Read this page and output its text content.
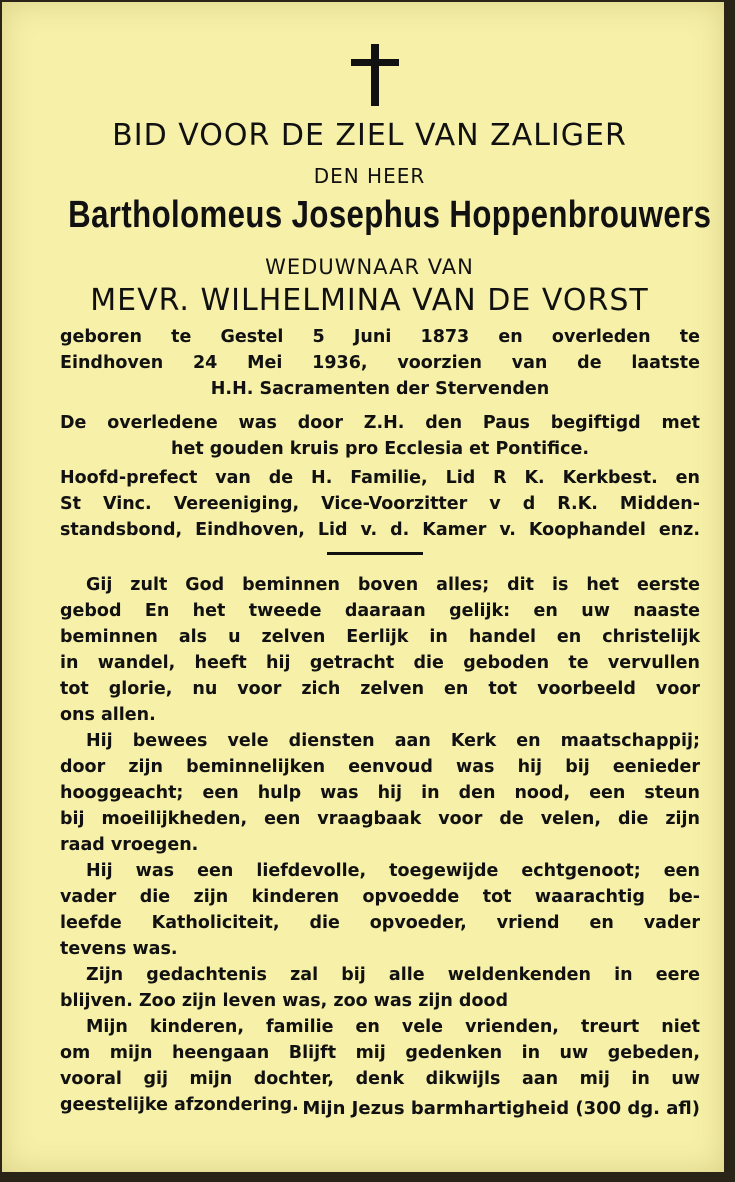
BID VOOR DE ZIEL VAN ZALIGER
DEN HEER
Bartholomeus Josephus Hoppenbrouwers
WEDUWNAAR VAN
MEVR. WILHELMINA VAN DE VORST
geboren te Gestel 5 Juni 1873 en overleden te
Eindhoven 24 Mei 1936, voorzien van de laatste
H.H. Sacramenten der Stervenden
De overledene was door Z.H. den Paus begiftigd met
het gouden kruis pro Ecclesia et Pontifice.
Hoofd-prefect van de H. Familie, Lid R K. Kerkbest. en
St Vinc. Vereeniging, Vice-Voorzitter v d R.K. Midden-
standsbond, Eindhoven, Lid v. d. Kamer v. Koophandel enz.
Gij zult God beminnen boven alles; dit is het eerste
gebod En het tweede daaraan gelijk: en uw naaste
beminnen als u zelven Eerlijk in handel en christelijk
in wandel, heeft hij getracht die geboden te vervullen
tot glorie, nu voor zich zelven en tot voorbeeld voor
ons allen.
Hij bewees vele diensten aan Kerk en maatschappij;
door zijn beminnelijken eenvoud was hij bij eenieder
hooggeacht; een hulp was hij in den nood, een steun
bij moeilijkheden, een vraagbaak voor de velen, die zijn
raad vroegen.
Hij was een liefdevolle, toegewijde echtgenoot; een
vader die zijn kinderen opvoedde tot waarachtig be-
leefde Katholiciteit, die opvoeder, vriend en vader
tevens was.
Zijn gedachtenis zal bij alle weldenkenden in eere
blijven. Zoo zijn leven was, zoo was zijn dood
Mijn kinderen, familie en vele vrienden, treurt niet
om mijn heengaan Blijft mij gedenken in uw gebeden,
vooral gij mijn dochter, denk dikwijls aan mij in uw
geestelijke afzondering. Mijn Jezus barmhartigheid (300 dg. afl)
